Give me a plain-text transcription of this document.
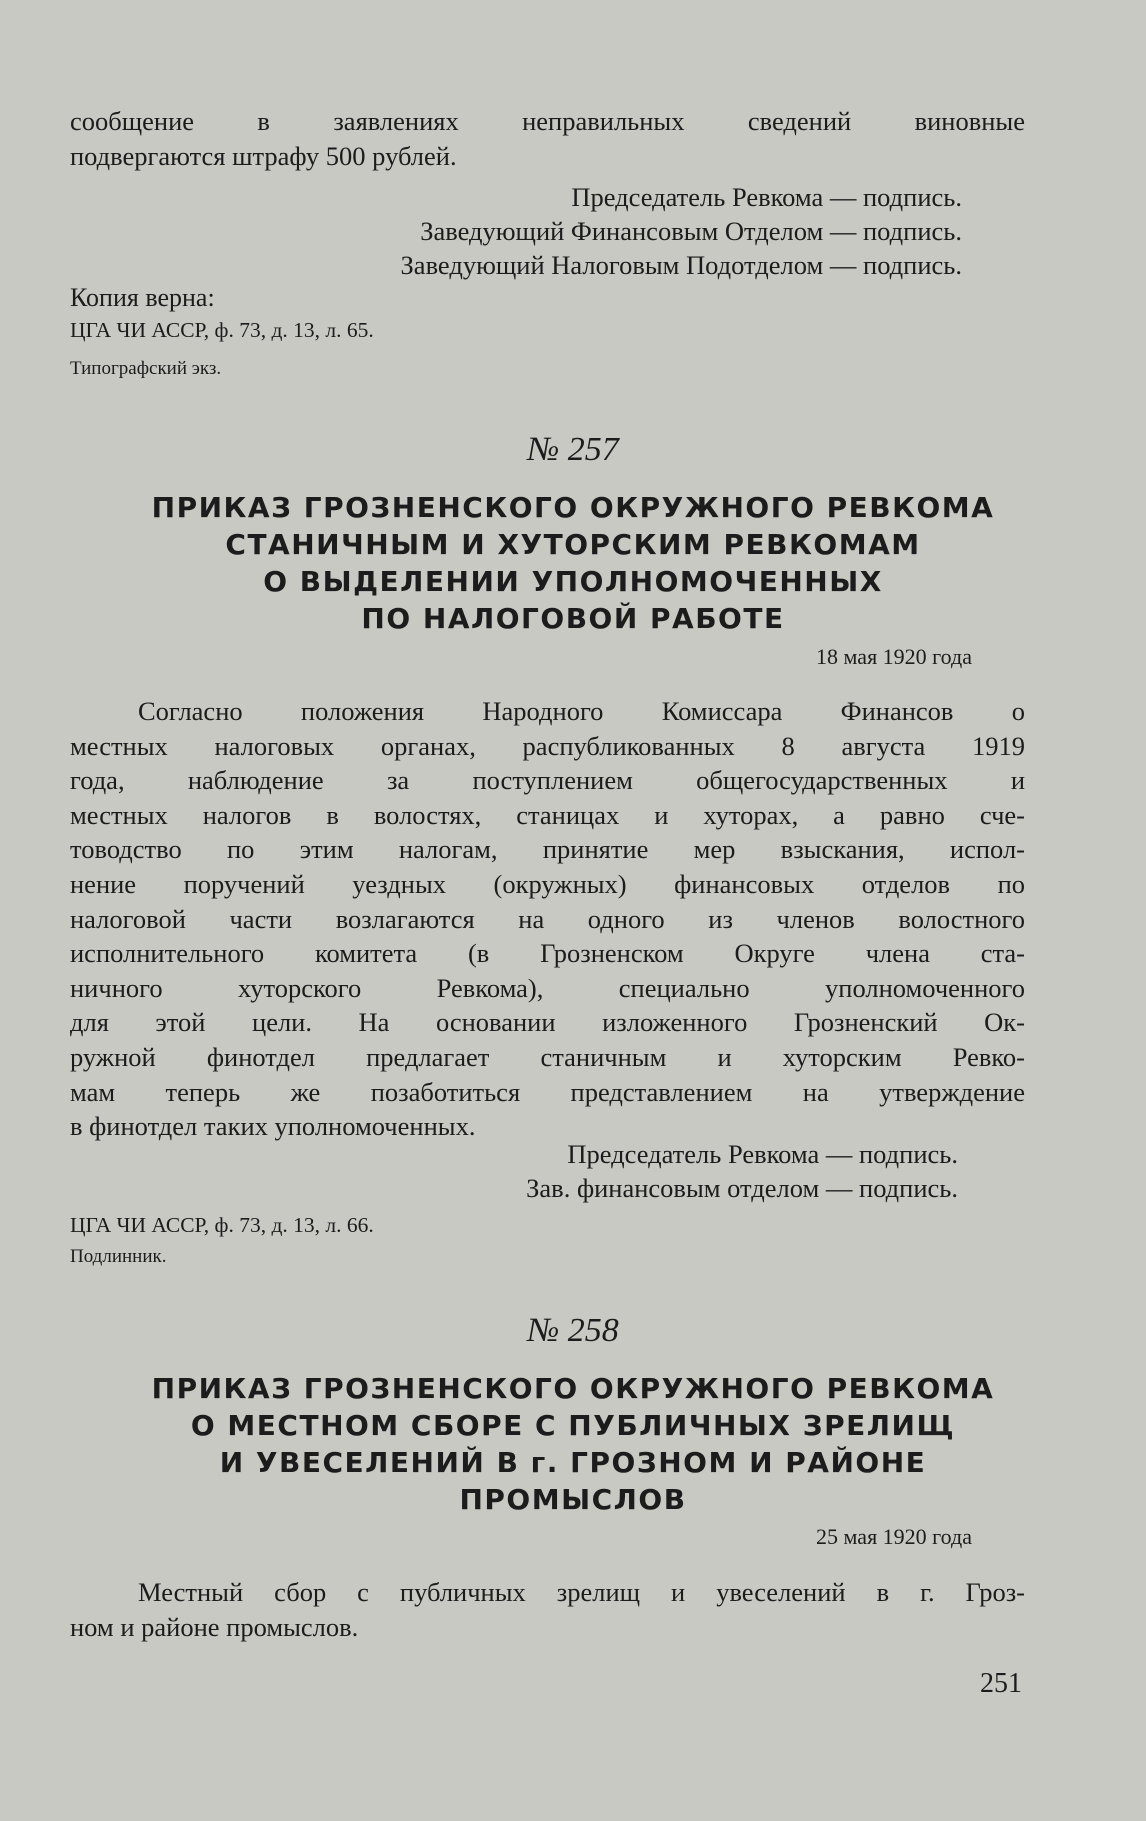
сообщение в заявлениях неправильных сведений виновные
подвергаются штрафу 500 рублей.
Председатель Ревкома — подпись.
Заведующий Финансовым Отделом — подпись.
Заведующий Налоговым Подотделом — подпись.
Копия верна:
ЦГА ЧИ АССР, ф. 73, д. 13, л. 65.
Типографский экз.
№ 257
ПРИКАЗ ГРОЗНЕНСКОГО ОКРУЖНОГО РЕВКОМА
СТАНИЧНЫМ И ХУТОРСКИМ РЕВКОМАМ
О ВЫДЕЛЕНИИ УПОЛНОМОЧЕННЫХ
ПО НАЛОГОВОЙ РАБОТЕ
18 мая 1920 года
Согласно положения Народного Комиссара Финансов о
местных налоговых органах, распубликованных 8 августа 1919
года, наблюдение за поступлением общегосударственных и
местных налогов в волостях, станицах и хуторах, а равно сче-
товодство по этим налогам, принятие мер взыскания, испол-
нение поручений уездных (окружных) финансовых отделов по
налоговой части возлагаются на одного из членов волостного
исполнительного комитета (в Грозненском Округе члена ста-
ничного хуторского Ревкома), специально уполномоченного
для этой цели. На основании изложенного Грозненский Ок-
ружной финотдел предлагает станичным и хуторским Ревко-
мам теперь же позаботиться представлением на утверждение
в финотдел таких уполномоченных.
Председатель Ревкома — подпись.
Зав. финансовым отделом — подпись.
ЦГА ЧИ АССР, ф. 73, д. 13, л. 66.
Подлинник.
№ 258
ПРИКАЗ ГРОЗНЕНСКОГО ОКРУЖНОГО РЕВКОМА
О МЕСТНОМ СБОРЕ С ПУБЛИЧНЫХ ЗРЕЛИЩ
И УВЕСЕЛЕНИЙ В г. ГРОЗНОМ И РАЙОНЕ
ПРОМЫСЛОВ
25 мая 1920 года
Местный сбор с публичных зрелищ и увеселений в г. Гроз-
ном и районе промыслов.
251
